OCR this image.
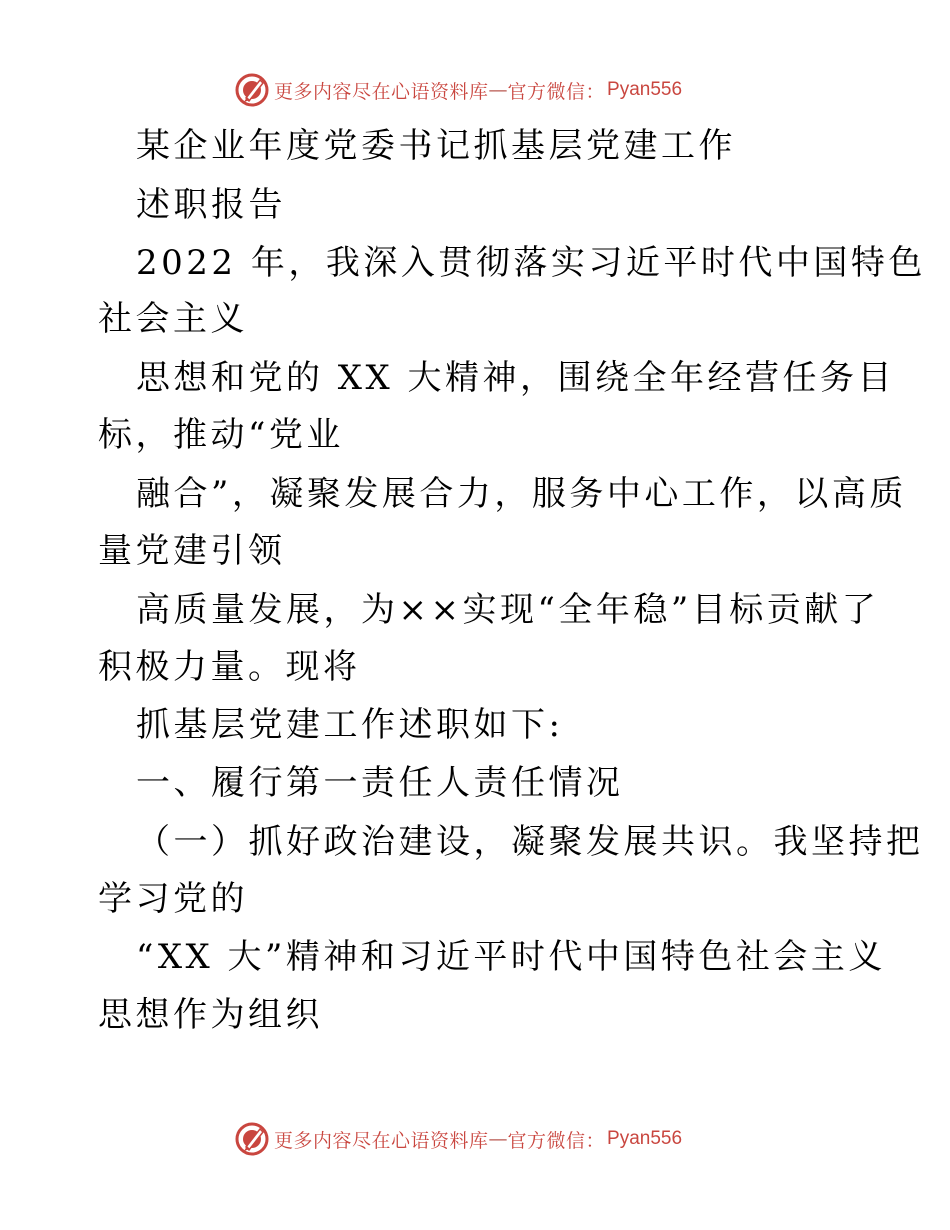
更多内容尽在心语资料库 — 官方微信： Pyan556
某企业年度党委书记抓基层党建工作
述职报告
2022 年，我深入贯彻落实习近平时代中国特色
社会主义
思想和党的 XX 大精神，围绕全年经营任务目
标，推动“党业
融合”，凝聚发展合力，服务中心工作，以高质
量党建引领
高质量发展，为××实现“全年稳”目标贡献了
积极力量。现将
抓基层党建工作述职如下:
一、履行第一责任人责任情况
（一）抓好政治建设，凝聚发展共识。我坚持把
学习党的
“XX 大”精神和习近平时代中国特色社会主义
思想作为组织
更多内容尽在心语资料库 — 官方微信： Pyan556
